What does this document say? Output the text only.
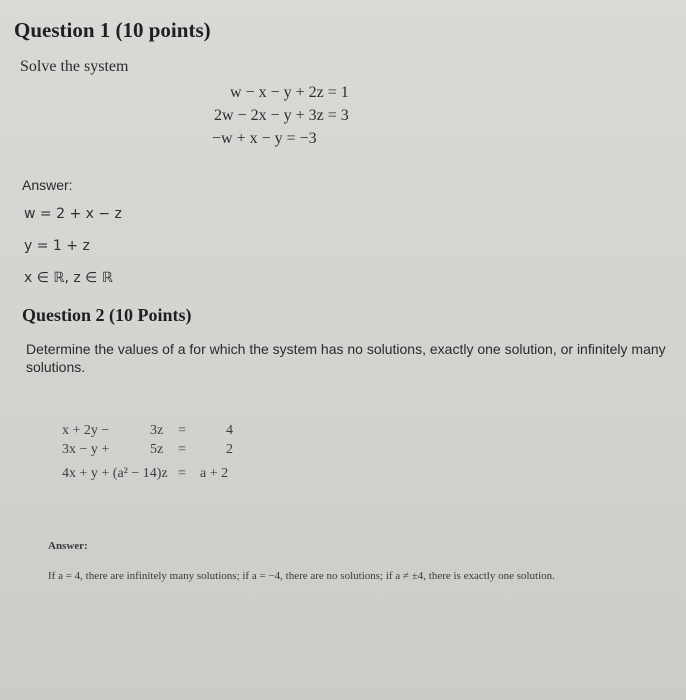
Question 1 (10 points)
Solve the system
w − x − y + 2z = 1
2w − 2x − y + 3z = 3
−w + x − y = −3
Answer:
w = 2 + x − z
y = 1 + z
x ∈ ℝ, z ∈ ℝ
Question 2 (10 Points)
Determine the values of a for which the system has no solutions, exactly one solution, or infinitely many solutions.
x + 2y −	3z =	4
3x − y +	5z =	2
4x + y + (a² − 14)z = a + 2
Answer:
If a = 4, there are infinitely many solutions; if a = −4, there are no solutions; if a ≠ ±4, there is exactly one solution.
